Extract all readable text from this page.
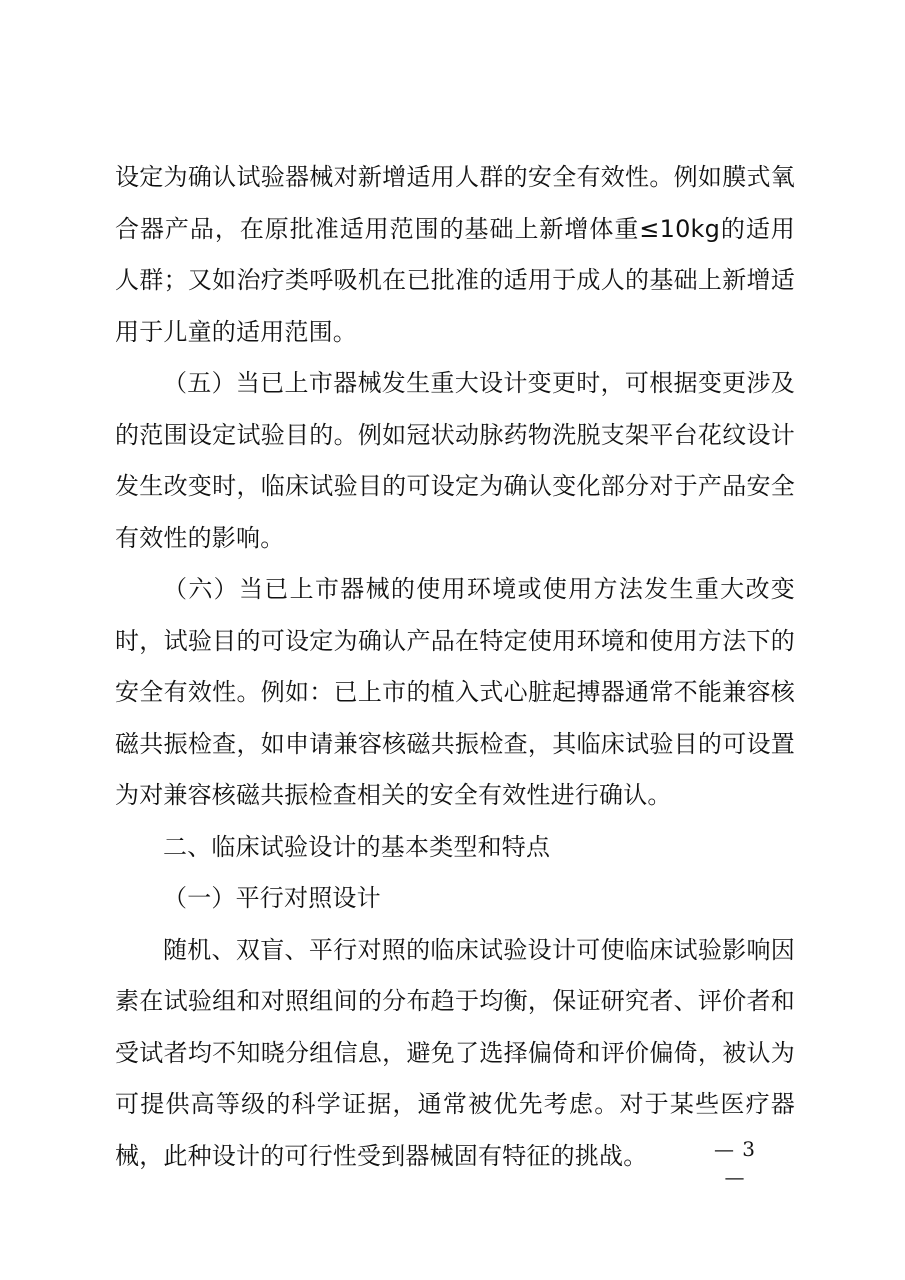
设定为确认试验器械对新增适用人群的安全有效性。例如膜式氧合器产品，在原批准适用范围的基础上新增体重≤10kg的适用人群；又如治疗类呼吸机在已批准的适用于成人的基础上新增适用于儿童的适用范围。

（五）当已上市器械发生重大设计变更时，可根据变更涉及的范围设定试验目的。例如冠状动脉药物洗脱支架平台花纹设计发生改变时，临床试验目的可设定为确认变化部分对于产品安全有效性的影响。

（六）当已上市器械的使用环境或使用方法发生重大改变时，试验目的可设定为确认产品在特定使用环境和使用方法下的安全有效性。例如：已上市的植入式心脏起搏器通常不能兼容核磁共振检查，如申请兼容核磁共振检查，其临床试验目的可设置为对兼容核磁共振检查相关的安全有效性进行确认。

二、临床试验设计的基本类型和特点

（一）平行对照设计

随机、双盲、平行对照的临床试验设计可使临床试验影响因素在试验组和对照组间的分布趋于均衡，保证研究者、评价者和受试者均不知晓分组信息，避免了选择偏倚和评价偏倚，被认为可提供高等级的科学证据，通常被优先考虑。对于某些医疗器械，此种设计的可行性受到器械固有特征的挑战。	— 3 —
